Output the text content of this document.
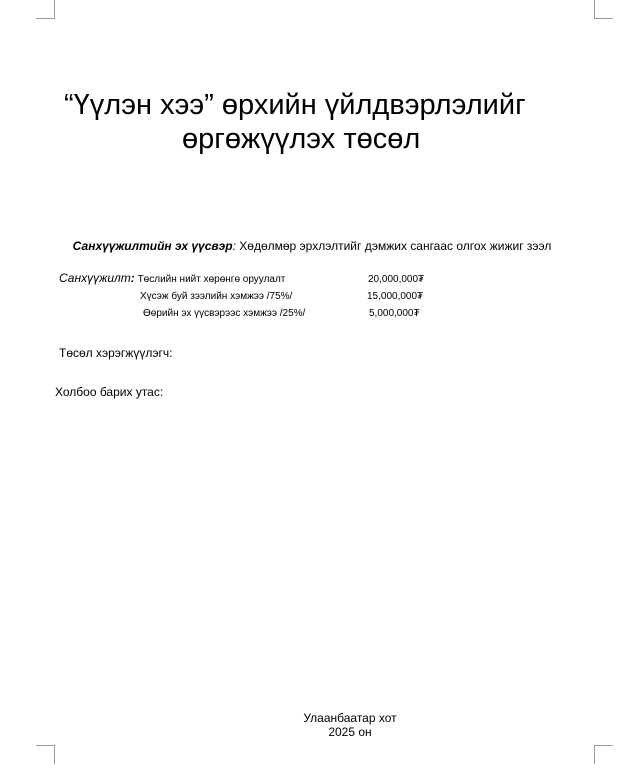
“Үүлэн хээ” өрхийн үйлдвэрлэлийг
өргөжүүлэх төсөл
Санхүүжилтийн эх үүсвэр: Хөдөлмөр эрхлэлтийг дэмжих сангаас олгох жижиг зээл
Санхүүжилт: Төслийн нийт хөрөнгө оруулалт	20,000,000₮
Хүсэж буй зээлийн хэмжээ /75%/	15,000,000₮
Өөрийн эх үүсвэрээс хэмжээ /25%/	5,000,000₮
Төсөл хэрэгжүүлэгч:
Холбоо барих утас:
Улаанбаатар хот
2025 он
